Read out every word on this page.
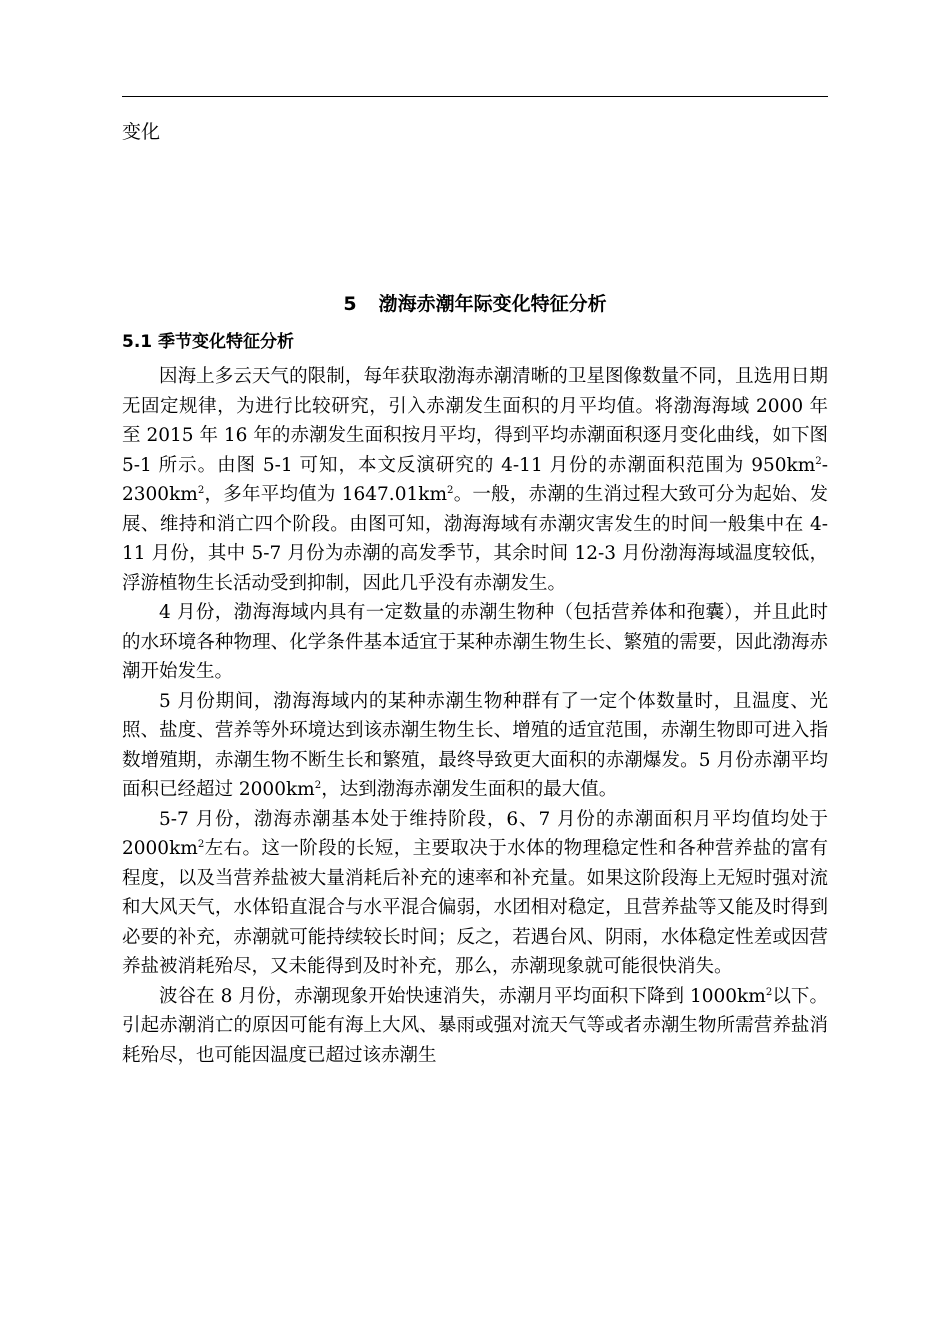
变化

5 渤海赤潮年际变化特征分析
5.1 季节变化特征分析

因海上多云天气的限制，每年获取渤海赤潮清晰的卫星图像数量不同，且选用日期无固定规律，为进行比较研究，引入赤潮发生面积的月平均值。将渤海海域 2000 年至 2015 年 16 年的赤潮发生面积按月平均，得到平均赤潮面积逐月变化曲线，如下图 5-1 所示。由图 5-1 可知，本文反演研究的 4-11 月份的赤潮面积范围为 $950km^2-2300km^2$，多年平均值为 $1647.01km^2$。一般，赤潮的生消过程大致可分为起始、发展、维持和消亡四个阶段。由图可知，渤海海域有赤潮灾害发生的时间一般集中在 4-11 月份，其中 5-7 月份为赤潮的高发季节，其余时间 12-3 月份渤海海域温度较低，浮游植物生长活动受到抑制，因此几乎没有赤潮发生。

4 月份，渤海海域内具有一定数量的赤潮生物种（包括营养体和孢囊），并且此时的水环境各种物理、化学条件基本适宜于某种赤潮生物生长、繁殖的需要，因此渤海赤潮开始发生。

5 月份期间，渤海海域内的某种赤潮生物种群有了一定个体数量时，且温度、光照、盐度、营养等外环境达到该赤潮生物生长、增殖的适宜范围，赤潮生物即可进入指数增殖期，赤潮生物不断生长和繁殖，最终导致更大面积的赤潮爆发。5 月份赤潮平均面积已经超过 $2000km^2$，达到渤海赤潮发生面积的最大值。

5-7 月份，渤海赤潮基本处于维持阶段，6、7 月份的赤潮面积月平均值均处于 $2000km^2$左右。这一阶段的长短，主要取决于水体的物理稳定性和各种营养盐的富有程度，以及当营养盐被大量消耗后补充的速率和补充量。如果这阶段海上无短时强对流和大风天气，水体铅直混合与水平混合偏弱，水团相对稳定，且营养盐等又能及时得到必要的补充，赤潮就可能持续较长时间；反之，若遇台风、阴雨，水体稳定性差或因营养盐被消耗殆尽，又未能得到及时补充，那么，赤潮现象就可能很快消失。

波谷在 8 月份，赤潮现象开始快速消失，赤潮月平均面积下降到 $1000km^2$以下。引起赤潮消亡的原因可能有海上大风、暴雨或强对流天气等或者赤潮生物所需营养盐消耗殆尽，也可能因温度已超过该赤潮生
